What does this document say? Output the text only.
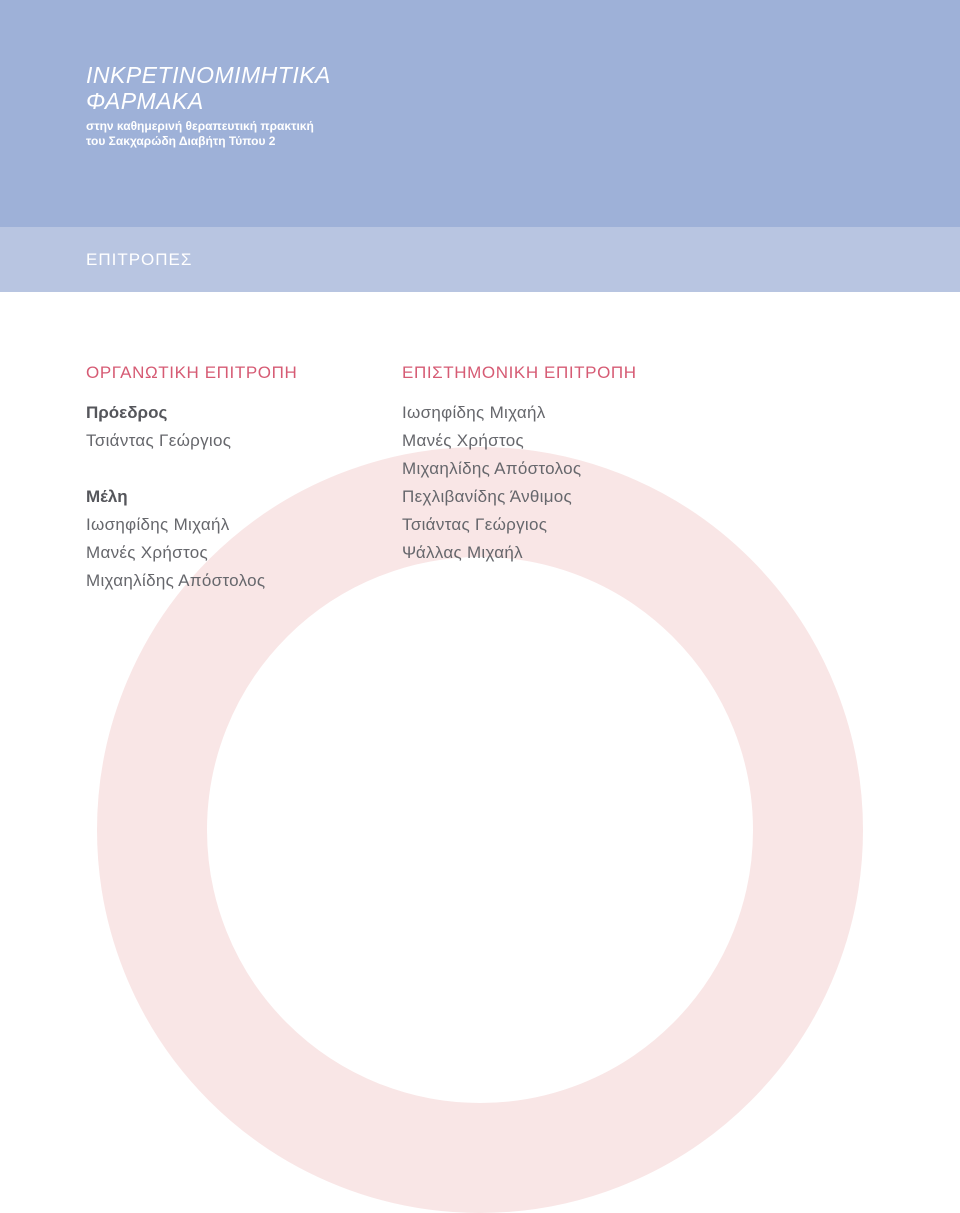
INKΡΕΤΙΝΟΜΙΜΗΤΙΚΑ
ΦΑΡΜΑΚΑ

στην καθημερινή θεραπευτική πρακτική
του Σακχαρώδη Διαβήτη Τύπου 2

ΕΠΙΤΡΟΠΕΣ
ΟΡΓΑΝΩΤΙΚΗ ΕΠΙΤΡΟΠΗ
Πρόεδρος
Τσιάντας Γεώργιος
Μέλη
Ιωσηφίδης Μιχαήλ
Μανές Χρήστος
Μιχαηλίδης Απόστολος
ΕΠΙΣΤΗΜΟΝΙΚΗ ΕΠΙΤΡΟΠΗ
Ιωσηφίδης Μιχαήλ
Μανές Χρήστος
Μιχαηλίδης Απόστολος
Πεχλιβανίδης Άνθιμος
Τσιάντας Γεώργιος
Ψάλλας Μιχαήλ
